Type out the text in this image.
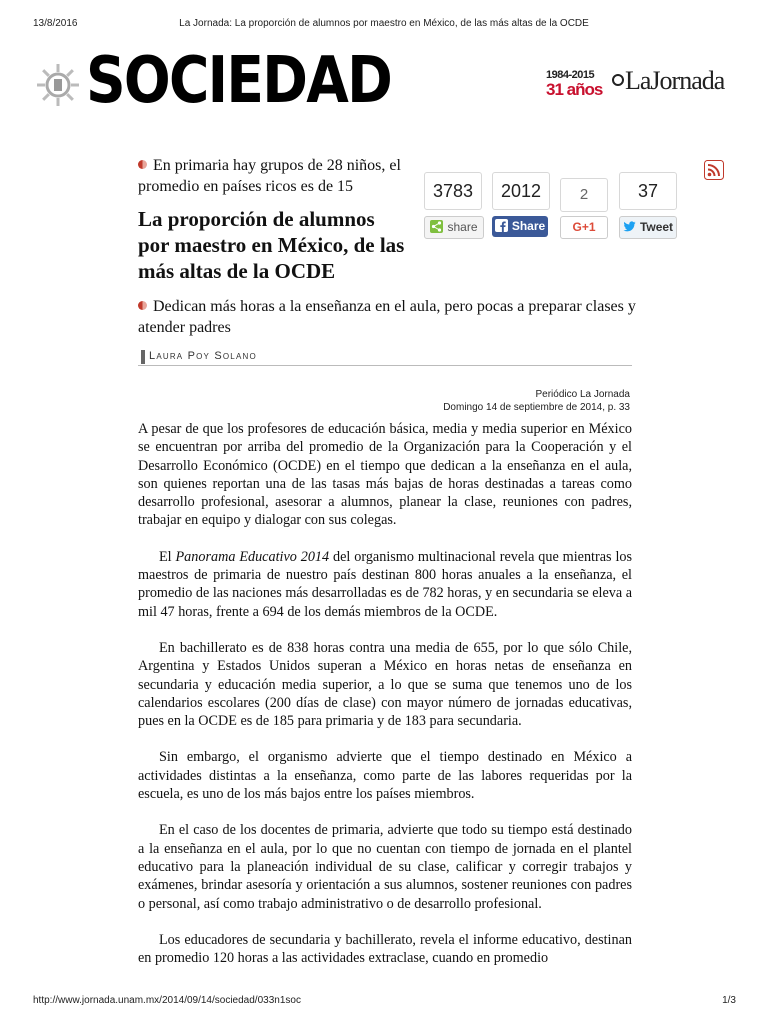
13/8/2016	La Jornada: La proporción de alumnos por maestro en México, de las más altas de la OCDE
SOCIEDAD	1984-2015
31 años LaJornada
En primaria hay grupos de 28 niños, el promedio en países ricos es de 15
La proporción de alumnos por maestro en México, de las más altas de la OCDE
3783	2012	2	37
share	Share	G+1	Tweet
Dedican más horas a la enseñanza en el aula, pero pocas a preparar clases y atender padres
Laura Poy Solano
Periódico La Jornada
Domingo 14 de septiembre de 2014, p. 33

A pesar de que los profesores de educación básica, media y media superior en México se encuentran por arriba del promedio de la Organización para la Cooperación y el Desarrollo Económico (OCDE) en el tiempo que dedican a la enseñanza en el aula, son quienes reportan una de las tasas más bajas de horas destinadas a tareas como desarrollo profesional, asesorar a alumnos, planear la clase, reuniones con padres, trabajar en equipo y dialogar con sus colegas.

El Panorama Educativo 2014 del organismo multinacional revela que mientras los maestros de primaria de nuestro país destinan 800 horas anuales a la enseñanza, el promedio de las naciones más desarrolladas es de 782 horas, y en secundaria se eleva a mil 47 horas, frente a 694 de los demás miembros de la OCDE.

En bachillerato es de 838 horas contra una media de 655, por lo que sólo Chile, Argentina y Estados Unidos superan a México en horas netas de enseñanza en secundaria y educación media superior, a lo que se suma que tenemos uno de los calendarios escolares (200 días de clase) con mayor número de jornadas educativas, pues en la OCDE es de 185 para primaria y de 183 para secundaria.

Sin embargo, el organismo advierte que el tiempo destinado en México a actividades distintas a la enseñanza, como parte de las labores requeridas por la escuela, es uno de los más bajos entre los países miembros.

En el caso de los docentes de primaria, advierte que todo su tiempo está destinado a la enseñanza en el aula, por lo que no cuentan con tiempo de jornada en el plantel educativo para la planeación individual de su clase, calificar y corregir trabajos y exámenes, brindar asesoría y orientación a sus alumnos, sostener reuniones con padres o personal, así como trabajo administrativo o de desarrollo profesional.

Los educadores de secundaria y bachillerato, revela el informe educativo, destinan en promedio 120 horas a las actividades extraclase, cuando en promedio

http://www.jornada.unam.mx/2014/09/14/sociedad/033n1soc	1/3
